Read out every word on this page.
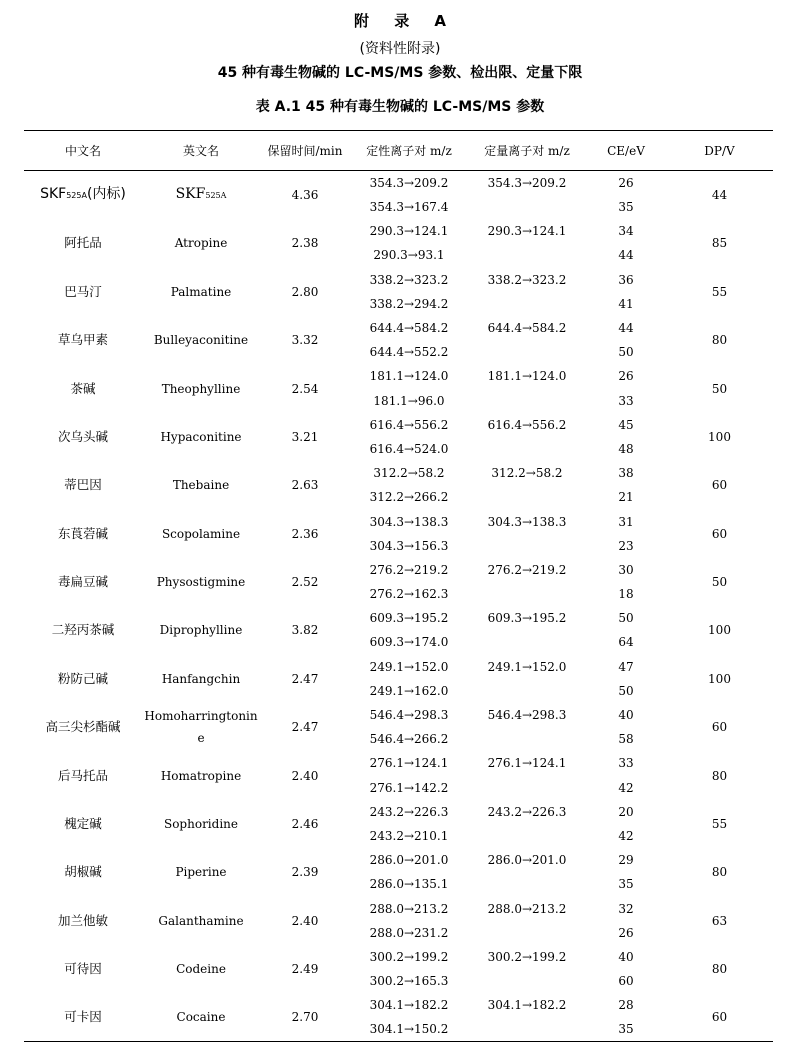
附 录 A
(资料性附录)
45 种有毒生物碱的 LC-MS/MS 参数、检出限、定量下限
表 A.1 45 种有毒生物碱的 LC-MS/MS 参数
中文名	英文名	保留时间/min	定性离子对 m/z	定量离子对 m/z	CE/eV	DP/V
SKF525A(内标)	SKF525A	4.36	354.3→209.2	354.3→209.2	26	44
			354.3→167.4		35	
阿托品	Atropine	2.38	290.3→124.1	290.3→124.1	34	85
			290.3→93.1		44	
巴马汀	Palmatine	2.80	338.2→323.2	338.2→323.2	36	55
			338.2→294.2		41	
草乌甲素	Bulleyaconitine	3.32	644.4→584.2	644.4→584.2	44	80
			644.4→552.2		50	
茶碱	Theophylline	2.54	181.1→124.0	181.1→124.0	26	50
			181.1→96.0		33	
次乌头碱	Hypaconitine	3.21	616.4→556.2	616.4→556.2	45	100
			616.4→524.0		48	
蒂巴因	Thebaine	2.63	312.2→58.2	312.2→58.2	38	60
			312.2→266.2		21	
东莨菪碱	Scopolamine	2.36	304.3→138.3	304.3→138.3	31	60
			304.3→156.3		23	
毒扁豆碱	Physostigmine	2.52	276.2→219.2	276.2→219.2	30	50
			276.2→162.3		18	
二羟丙茶碱	Diprophylline	3.82	609.3→195.2	609.3→195.2	50	100
			609.3→174.0		64	
粉防己碱	Hanfangchin	2.47	249.1→152.0	249.1→152.0	47	100
			249.1→162.0		50	
高三尖杉酯碱	Homoharringtonine	2.47	546.4→298.3	546.4→298.3	40	60
			546.4→266.2		58	
后马托品	Homatropine	2.40	276.1→124.1	276.1→124.1	33	80
			276.1→142.2		42	
槐定碱	Sophoridine	2.46	243.2→226.3	243.2→226.3	20	55
			243.2→210.1		42	
胡椒碱	Piperine	2.39	286.0→201.0	286.0→201.0	29	80
			286.0→135.1		35	
加兰他敏	Galanthamine	2.40	288.0→213.2	288.0→213.2	32	63
			288.0→231.2		26	
可待因	Codeine	2.49	300.2→199.2	300.2→199.2	40	80
			300.2→165.3		60	
可卡因	Cocaine	2.70	304.1→182.2	304.1→182.2	28	60
			304.1→150.2		35	
